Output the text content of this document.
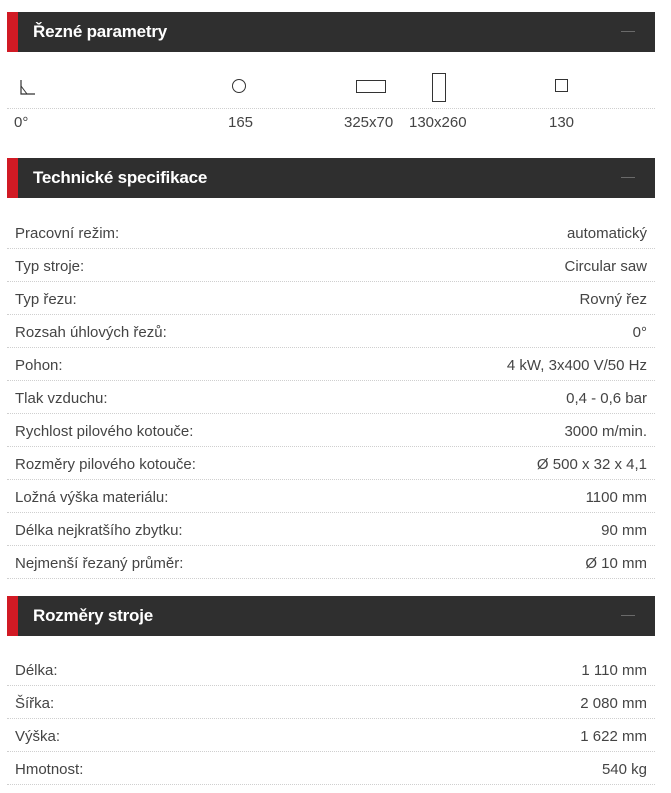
Řezné parametry
0°	165	325x70 130x260	130
Technické specifikace
Pracovní režim:	automatický
Typ stroje:	Circular saw
Typ řezu:	Rovný řez
Rozsah úhlových řezů:	0°
Pohon:	4 kW, 3x400 V/50 Hz
Tlak vzduchu:	0,4 - 0,6 bar
Rychlost pilového kotouče:	3000 m/min.
Rozměry pilového kotouče:	Ø 500 x 32 x 4,1
Ložná výška materiálu:	1100 mm
Délka nejkratšího zbytku:	90 mm
Nejmenší řezaný průměr:	Ø 10 mm
Rozměry stroje
Délka:	1 110 mm
Šířka:	2 080 mm
Výška:	1 622 mm
Hmotnost:	540 kg
